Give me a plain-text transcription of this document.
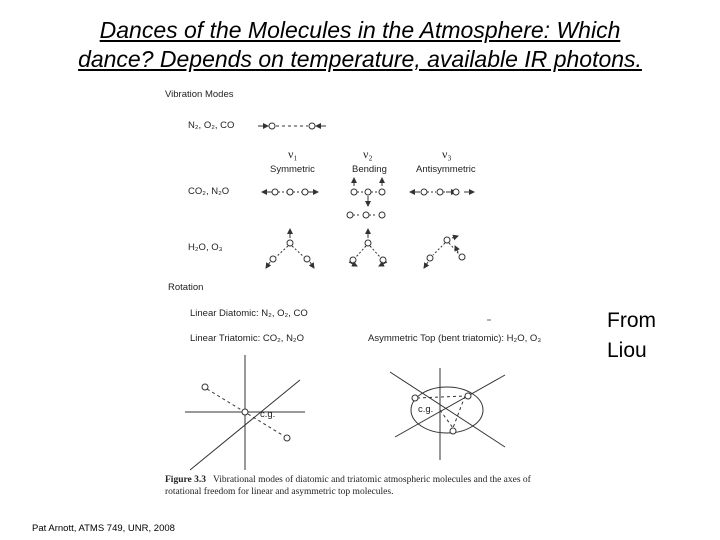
Dances of the Molecules in the Atmosphere: Which
dance? Depends on temperature, available IR photons.
Vibration Modes
N₂, O₂, CO
ν₁
Symmetric
ν₂
Bending
ν₃
Antisymmetric
CO₂, N₂O
H₂O, O₃
Rotation
Linear Diatomic: N₂, O₂, CO
Linear Triatomic: CO₂, N₂O	Asymmetric Top (bent triatomic): H₂O, O₃
c.g.	c.g.
Figure 3.3 Vibrational modes of diatomic and triatomic atmospheric molecules and the axes of
rotational freedom for linear and asymmetric top molecules.
From
Liou
Pat Arnott, ATMS 749, UNR, 2008
